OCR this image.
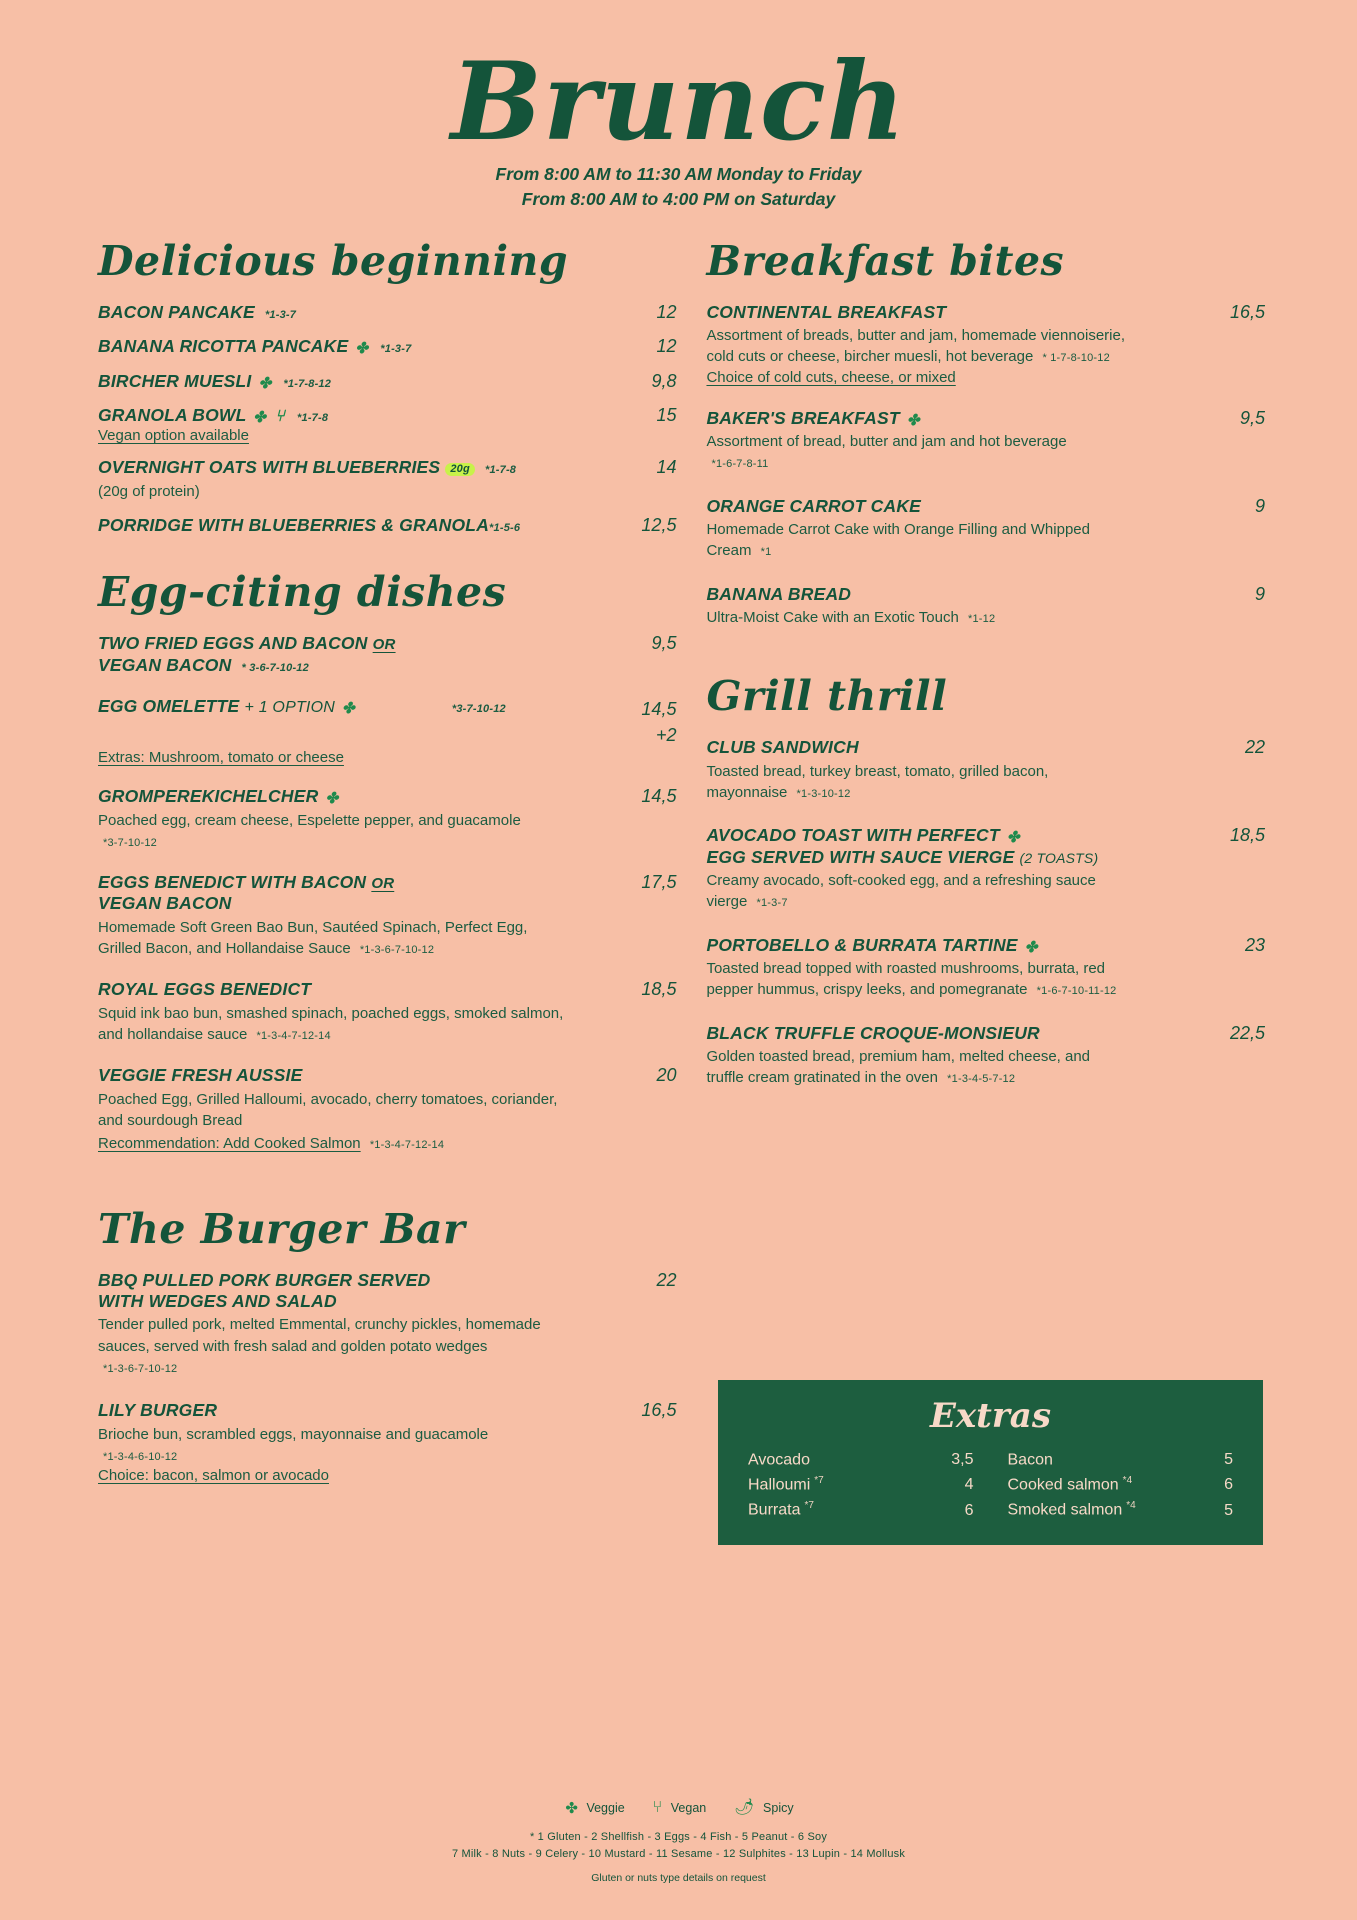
Brunch
From 8:00 AM to 11:30 AM Monday to Friday
From 8:00 AM to 4:00 PM on Saturday
Delicious beginning
BACON PANCAKE *1-3-7	12
BANANA RICOTTA PANCAKE ✤ *1-3-7	12
BIRCHER MUESLI ✤ *1-7-8-12	9,8
GRANOLA BOWL ✤ ⑂ *1-7-8	15
Vegan option available
OVERNIGHT OATS WITH BLUEBERRIES 20g *1-7-8	14
(20g of protein)
PORRIDGE WITH BLUEBERRIES & GRANOLA*1-5-6	12,5
Egg-citing dishes
TWO FRIED EGGS AND BACON OR
VEGAN BACON * 3-6-7-10-12
9,5
EGG OMELETTE + 1 OPTION ✤	*3-7-10-12	14,5
+2
Extras: Mushroom, tomato or cheese
GROMPEREKICHELCHER ✤	14,5
Poached egg, cream cheese, Espelette pepper, and guacamole *3-7-10-12
EGGS BENEDICT WITH BACON OR
VEGAN BACON
17,5
Homemade Soft Green Bao Bun, Sautéed Spinach, Perfect Egg, Grilled Bacon, and Hollandaise Sauce *1-3-6-7-10-12
ROYAL EGGS BENEDICT	18,5
Squid ink bao bun, smashed spinach, poached eggs, smoked salmon, and hollandaise sauce *1-3-4-7-12-14
VEGGIE FRESH AUSSIE	20
Poached Egg, Grilled Halloumi, avocado, cherry tomatoes, coriander, and sourdough Bread
Recommendation: Add Cooked Salmon *1-3-4-7-12-14
The Burger Bar
BBQ PULLED PORK BURGER SERVED
WITH WEDGES AND SALAD
22
Tender pulled pork, melted Emmental, crunchy pickles, homemade sauces, served with fresh salad and golden potato wedges *1-3-6-7-10-12
LILY BURGER	16,5
Brioche bun, scrambled eggs, mayonnaise and guacamole *1-3-4-6-10-12
Choice: bacon, salmon or avocado
Breakfast bites
CONTINENTAL BREAKFAST	16,5
Assortment of breads, butter and jam, homemade viennoiserie, cold cuts or cheese, bircher muesli, hot beverage * 1-7-8-10-12
Choice of cold cuts, cheese, or mixed
BAKER'S BREAKFAST ✤	9,5
Assortment of bread, butter and jam and hot beverage *1-6-7-8-11
ORANGE CARROT CAKE	9
Homemade Carrot Cake with Orange Filling and Whipped Cream *1
BANANA BREAD	9
Ultra-Moist Cake with an Exotic Touch *1-12
Grill thrill
CLUB SANDWICH	22
Toasted bread, turkey breast, tomato, grilled bacon, mayonnaise *1-3-10-12
AVOCADO TOAST WITH PERFECT ✤
EGG SERVED WITH SAUCE VIERGE (2 TOASTS)
18,5
Creamy avocado, soft-cooked egg, and a refreshing sauce vierge *1-3-7
PORTOBELLO & BURRATA TARTINE ✤	23
Toasted bread topped with roasted mushrooms, burrata, red pepper hummus, crispy leeks, and pomegranate *1-6-7-10-11-12
BLACK TRUFFLE CROQUE-MONSIEUR	22,5
Golden toasted bread, premium ham, melted cheese, and truffle cream gratinated in the oven *1-3-4-5-7-12
Extras
Avocado	3,5
Halloumi $^{*7}$	4
Burrata $^{*7}$	6
Bacon	5
Cooked salmon $^{*4}$	6
Smoked salmon $^{*4}$	5
✤ Veggie ⑂ Vegan 🌶 Spicy
* 1 Gluten - 2 Shellfish - 3 Eggs - 4 Fish - 5 Peanut - 6 Soy
7 Milk - 8 Nuts - 9 Celery - 10 Mustard - 11 Sesame - 12 Sulphites - 13 Lupin - 14 Mollusk
Gluten or nuts type details on request
